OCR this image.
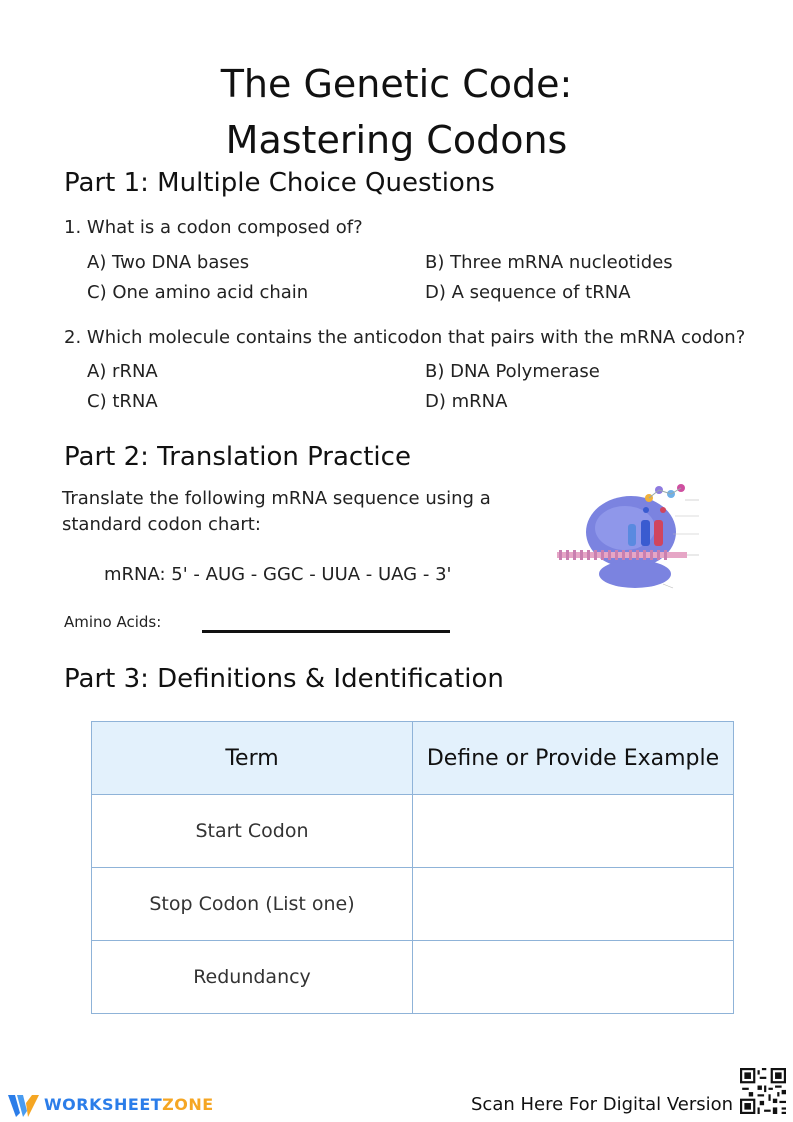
The Genetic Code:
Mastering Codons
Part 1: Multiple Choice Questions
1. What is a codon composed of?
A) Two DNA bases	B) Three mRNA nucleotides
C) One amino acid chain	D) A sequence of tRNA
2. Which molecule contains the anticodon that pairs with the mRNA codon?
A) rRNA	B) DNA Polymerase
C) tRNA	D) mRNA
Part 2: Translation Practice
Translate the following mRNA sequence using a
standard codon chart:
mRNA: 5' - AUG - GGC - UUA - UAG - 3'
Amino Acids:
Part 3: Definitions & Identification
Term	Define or Provide Example
Start Codon	
Stop Codon (List one)	
Redundancy	
WORKSHEETZONE	Scan Here For Digital Version
